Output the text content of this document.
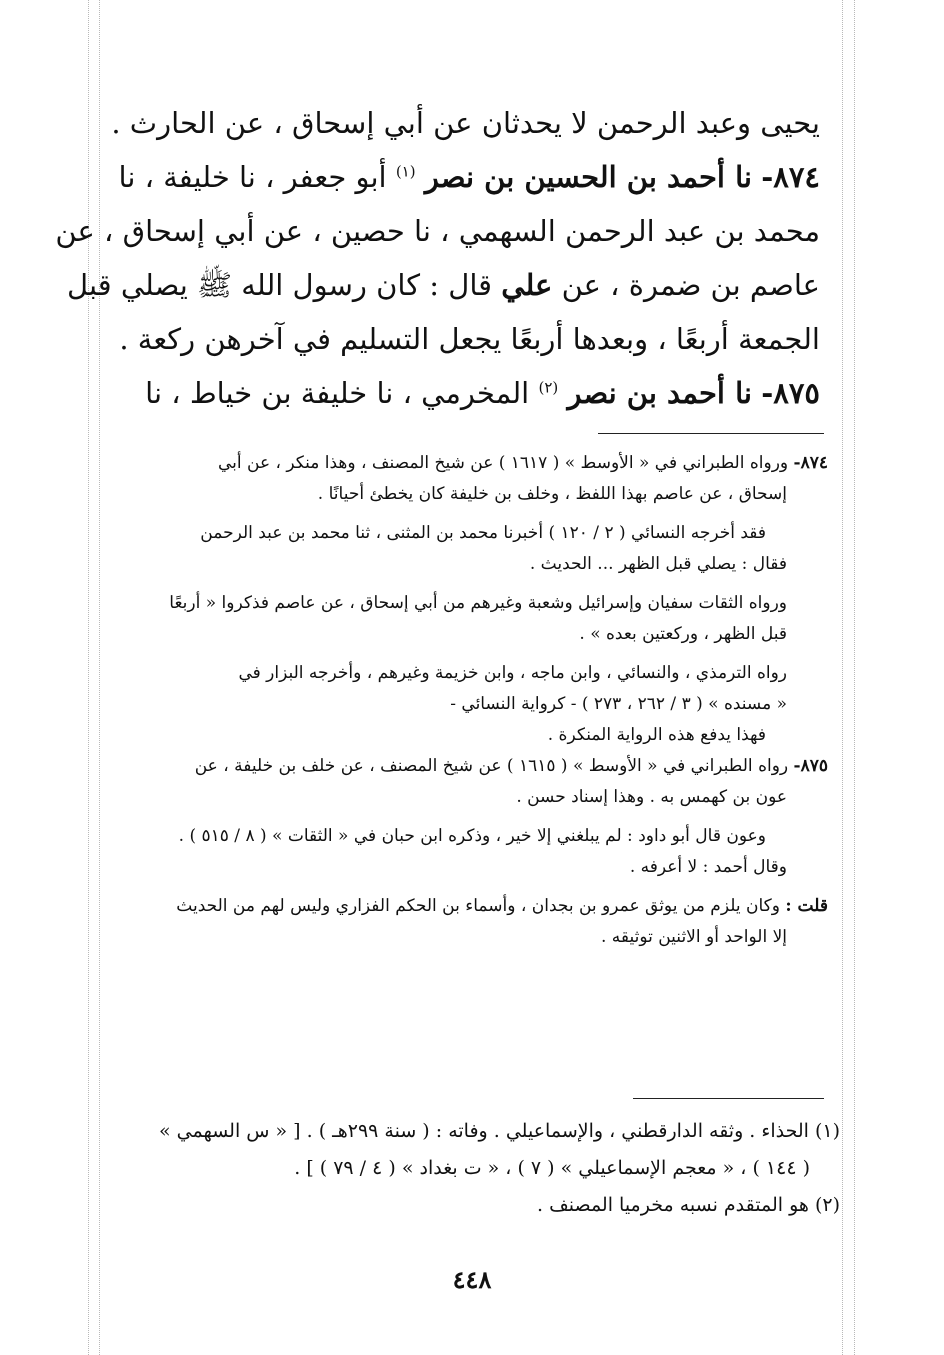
يحيى وعبد الرحمن لا يحدثان عن أبي إسحاق ، عن الحارث .
٨٧٤- نا أحمد بن الحسين بن نصر $^{(١)}$ أبو جعفر ، نا خليفة ، نا
محمد بن عبد الرحمن السهمي ، نا حصين ، عن أبي إسحاق ، عن
عاصم بن ضمرة ، عن علي قال : كان رسول الله ﷺ يصلي قبل
الجمعة أربعًا ، وبعدها أربعًا يجعل التسليم في آخرهن ركعة .
٨٧٥- نا أحمد بن نصر $^{(٢)}$ المخرمي ، نا خليفة بن خياط ، نا
٨٧٤- ورواه الطبراني في « الأوسط » ( ١٦١٧ ) عن شيخ المصنف ، وهذا منكر ، عن أبي
إسحاق ، عن عاصم بهذا اللفظ ، وخلف بن خليفة كان يخطئ أحيانًا .
فقد أخرجه النسائي ( ٢ / ١٢٠ ) أخبرنا محمد بن المثنى ، ثنا محمد بن عبد الرحمن
فقال : يصلي قبل الظهر ... الحديث .
ورواه الثقات سفيان وإسرائيل وشعبة وغيرهم من أبي إسحاق ، عن عاصم فذكروا « أربعًا
قبل الظهر ، وركعتين بعده » .
رواه الترمذي ، والنسائي ، وابن ماجه ، وابن خزيمة وغيرهم ، وأخرجه البزار في
« مسنده » ( ٣ / ٢٦٢ ، ٢٧٣ ) - كرواية النسائي -
فهذا يدفع هذه الرواية المنكرة .
٨٧٥- رواه الطبراني في « الأوسط » ( ١٦١٥ ) عن شيخ المصنف ، عن خلف بن خليفة ، عن
عون بن كهمس به . وهذا إسناد حسن .
وعون قال أبو داود : لم يبلغني إلا خير ، وذكره ابن حبان في « الثقات » ( ٨ / ٥١٥ ) .
وقال أحمد : لا أعرفه .
قلت : وكان يلزم من يوثق عمرو بن بجدان ، وأسماء بن الحكم الفزاري وليس لهم من الحديث
إلا الواحد أو الاثنين توثيقه .
(١) الحذاء . وثقه الدارقطني ، والإسماعيلي . وفاته : ( سنة ٢٩٩هـ ) . [ « س السهمي »
( ١٤٤ ) ، « معجم الإسماعيلي » ( ٧ ) ، « ت بغداد » ( ٤ / ٧٩ ) ] .
(٢) هو المتقدم نسبه مخرميا المصنف .
٤٤٨
